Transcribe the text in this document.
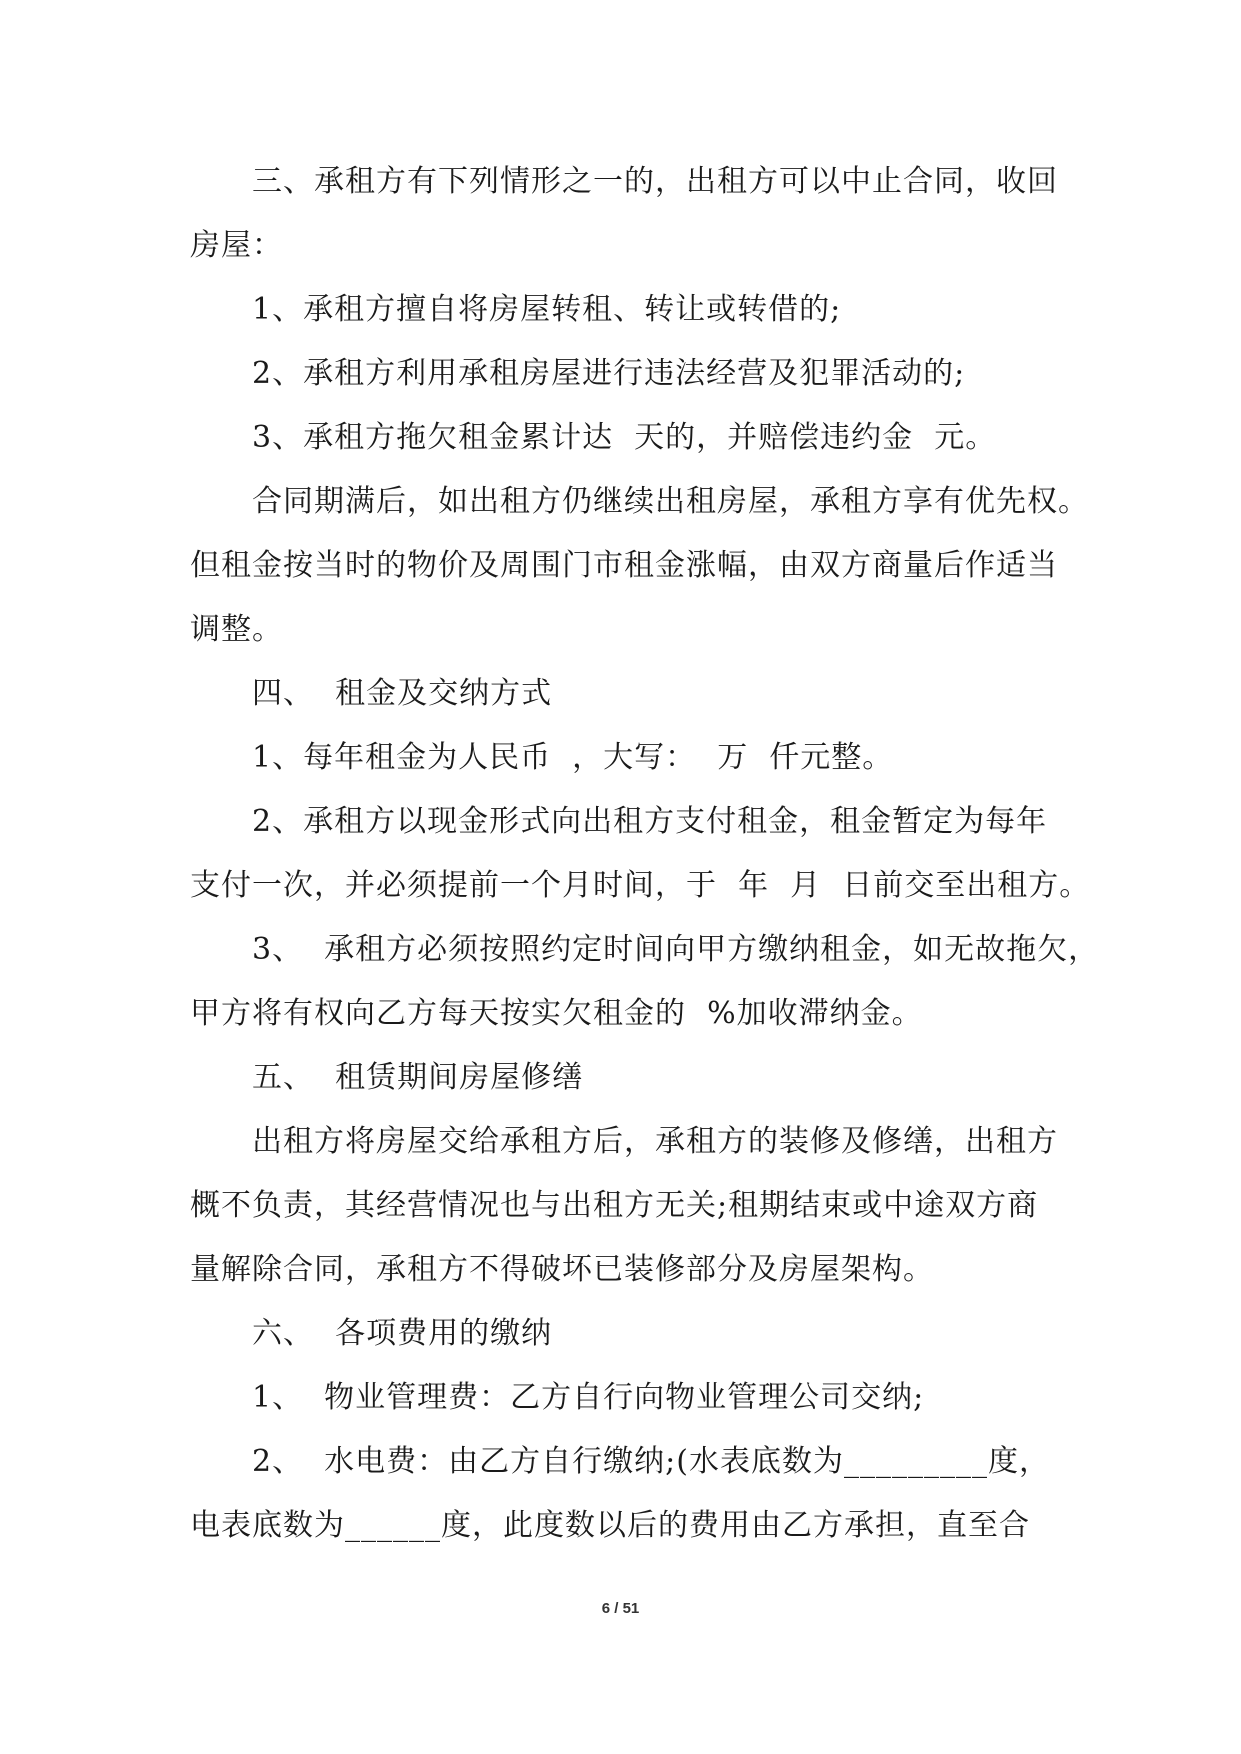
三、承租方有下列情形之一的，出租方可以中止合同，收回
房屋：
1、承租方擅自将房屋转租、转让或转借的;
2、承租方利用承租房屋进行违法经营及犯罪活动的;
3、承租方拖欠租金累计达  天的，并赔偿违约金  元。
合同期满后，如出租方仍继续出租房屋，承租方享有优先权。
但租金按当时的物价及周围门市租金涨幅，由双方商量后作适当
调整。
四、  租金及交纳方式
1、每年租金为人民币  ，大写：  万  仟元整。
2、承租方以现金形式向出租方支付租金，租金暂定为每年
支付一次，并必须提前一个月时间，于  年  月  日前交至出租方。
3、  承租方必须按照约定时间向甲方缴纳租金，如无故拖欠，
甲方将有权向乙方每天按实欠租金的  %加收滞纳金。
五、  租赁期间房屋修缮
出租方将房屋交给承租方后，承租方的装修及修缮，出租方
概不负责，其经营情况也与出租方无关;租期结束或中途双方商
量解除合同，承租方不得破坏已装修部分及房屋架构。
六、  各项费用的缴纳
1、  物业管理费：乙方自行向物业管理公司交纳;
2、  水电费：由乙方自行缴纳;(水表底数为_________度，
电表底数为______度，此度数以后的费用由乙方承担，直至合
6 / 51
